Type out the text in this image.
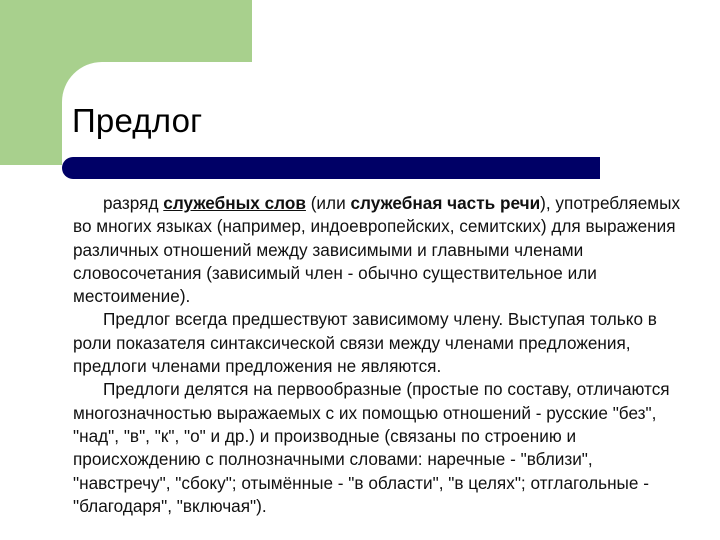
Предлог

разряд служебных слов (или служебная часть речи), употребляемых во многих языках (например, индоевропейских, семитских) для выражения различных отношений между зависимыми и главными членами словосочетания (зависимый член - обычно существительное или местоимение).

Предлог всегда предшествуют зависимому члену. Выступая только в роли показателя синтаксической связи между членами предложения, предлоги членами предложения не являются.

Предлоги делятся на первообразные (простые по составу, отличаются многозначностью выражаемых с их помощью отношений - русские "без", "над", "в", "к", "о" и др.) и производные (связаны по строению и происхождению с полнозначными словами: наречные - "вблизи", "навстречу", "сбоку"; отымённые - "в области", "в целях"; отглагольные - "благодаря", "включая").
